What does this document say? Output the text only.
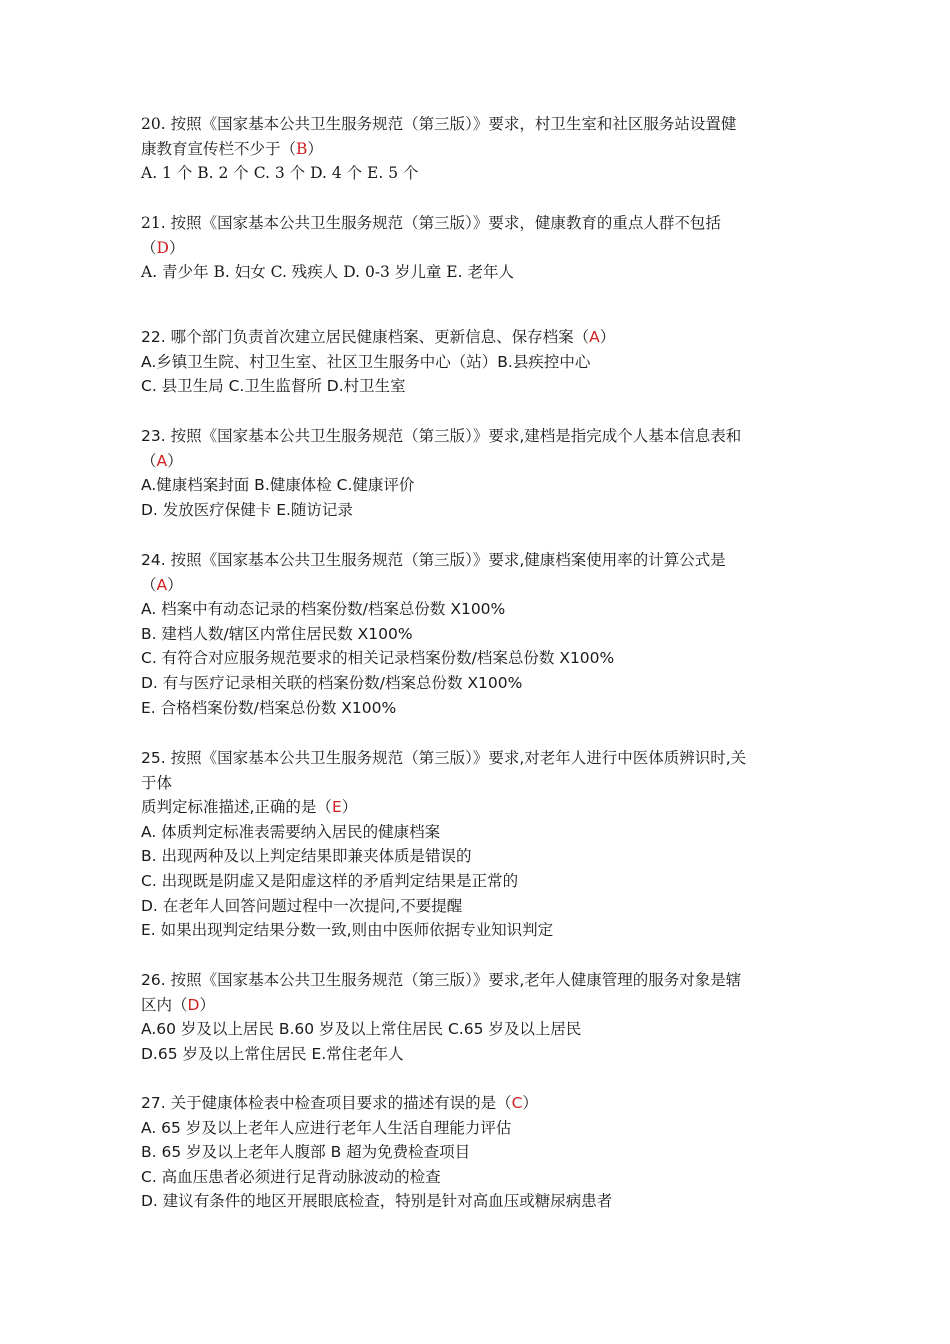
20. 按照《国家基本公共卫生服务规范（第三版）》要求，村卫生室和社区服务站设置健
康教育宣传栏不少于（B）
A. 1 个 B. 2 个 C. 3 个 D. 4 个 E. 5 个
21. 按照《国家基本公共卫生服务规范（第三版）》要求，健康教育的重点人群不包括
（D）
A. 青少年 B. 妇女 C. 残疾人 D. 0-3 岁儿童 E. 老年人
22. 哪个部门负责首次建立居民健康档案、更新信息、保存档案（A）
A.乡镇卫生院、村卫生室、社区卫生服务中心（站）B.县疾控中心
C. 县卫生局 C.卫生监督所 D.村卫生室
23. 按照《国家基本公共卫生服务规范（第三版）》要求,建档是指完成个人基本信息表和
（A）
A.健康档案封面 B.健康体检 C.健康评价
D. 发放医疗保健卡 E.随访记录
24. 按照《国家基本公共卫生服务规范（第三版）》要求,健康档案使用率的计算公式是
（A）
A. 档案中有动态记录的档案份数/档案总份数 X100%
B. 建档人数/辖区内常住居民数 X100%
C. 有符合对应服务规范要求的相关记录档案份数/档案总份数 X100%
D. 有与医疗记录相关联的档案份数/档案总份数 X100%
E. 合格档案份数/档案总份数 X100%
25. 按照《国家基本公共卫生服务规范（第三版）》要求,对老年人进行中医体质辨识时,关
于体
质判定标准描述,正确的是（E）
A. 体质判定标准表需要纳入居民的健康档案
B. 出现两种及以上判定结果即兼夹体质是错误的
C. 出现既是阴虚又是阳虚这样的矛盾判定结果是正常的
D. 在老年人回答问题过程中一次提问,不要提醒
E. 如果出现判定结果分数一致,则由中医师依据专业知识判定
26. 按照《国家基本公共卫生服务规范（第三版）》要求,老年人健康管理的服务对象是辖
区内（D）
A.60 岁及以上居民 B.60 岁及以上常住居民 C.65 岁及以上居民
D.65 岁及以上常住居民 E.常住老年人
27. 关于健康体检表中检查项目要求的描述有误的是（C）
A. 65 岁及以上老年人应进行老年人生活自理能力评估
B. 65 岁及以上老年人腹部 B 超为免费检查项目
C. 高血压患者必须进行足背动脉波动的检查
D. 建议有条件的地区开展眼底检查，特别是针对高血压或糖尿病患者
